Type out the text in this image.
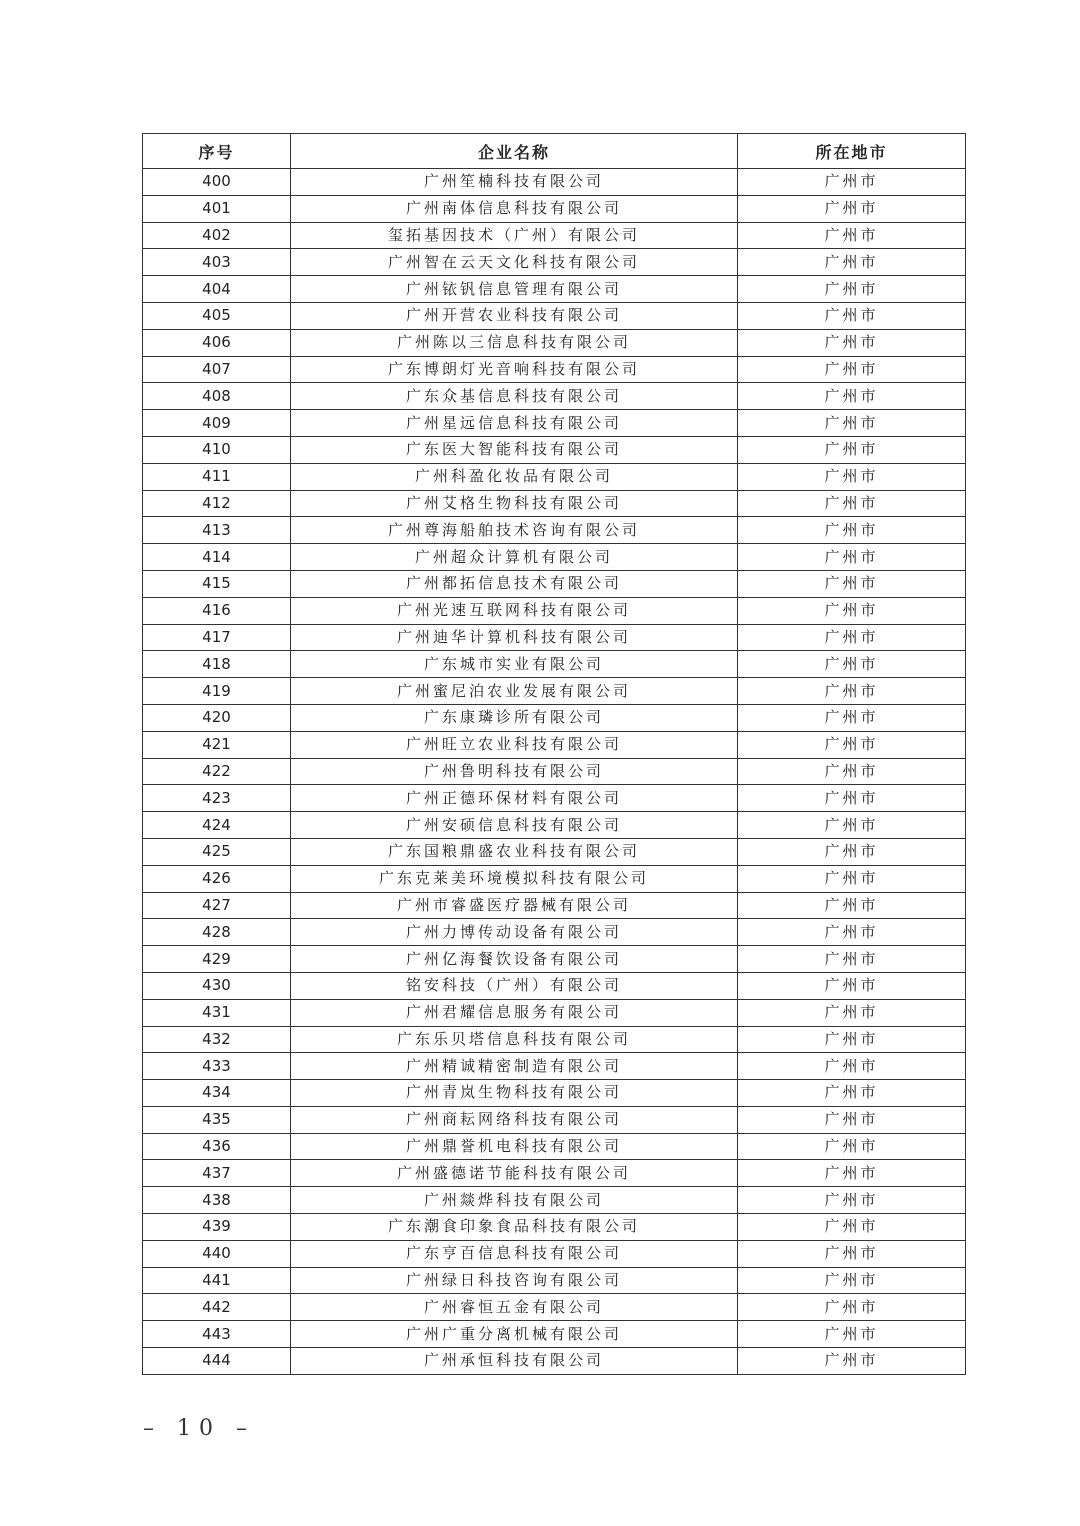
序号	企业名称	所在地市
400	广州笙楠科技有限公司	广州市
401	广州南体信息科技有限公司	广州市
402	玺拓基因技术（广州）有限公司	广州市
403	广州智在云天文化科技有限公司	广州市
404	广州铱钒信息管理有限公司	广州市
405	广州开营农业科技有限公司	广州市
406	广州陈以三信息科技有限公司	广州市
407	广东博朗灯光音响科技有限公司	广州市
408	广东众基信息科技有限公司	广州市
409	广州星远信息科技有限公司	广州市
410	广东医大智能科技有限公司	广州市
411	广州科盈化妆品有限公司	广州市
412	广州艾格生物科技有限公司	广州市
413	广州尊海船舶技术咨询有限公司	广州市
414	广州超众计算机有限公司	广州市
415	广州都拓信息技术有限公司	广州市
416	广州光速互联网科技有限公司	广州市
417	广州迪华计算机科技有限公司	广州市
418	广东城市实业有限公司	广州市
419	广州蜜尼泊农业发展有限公司	广州市
420	广东康璘诊所有限公司	广州市
421	广州旺立农业科技有限公司	广州市
422	广州鲁明科技有限公司	广州市
423	广州正德环保材料有限公司	广州市
424	广州安硕信息科技有限公司	广州市
425	广东国粮鼎盛农业科技有限公司	广州市
426	广东克莱美环境模拟科技有限公司	广州市
427	广州市睿盛医疗器械有限公司	广州市
428	广州力博传动设备有限公司	广州市
429	广州亿海餐饮设备有限公司	广州市
430	铭安科技（广州）有限公司	广州市
431	广州君耀信息服务有限公司	广州市
432	广东乐贝塔信息科技有限公司	广州市
433	广州精诚精密制造有限公司	广州市
434	广州青岚生物科技有限公司	广州市
435	广州商耘网络科技有限公司	广州市
436	广州鼎誉机电科技有限公司	广州市
437	广州盛德诺节能科技有限公司	广州市
438	广州燚烨科技有限公司	广州市
439	广东潮食印象食品科技有限公司	广州市
440	广东亨百信息科技有限公司	广州市
441	广州绿日科技咨询有限公司	广州市
442	广州睿恒五金有限公司	广州市
443	广州广重分离机械有限公司	广州市
444	广州承恒科技有限公司	广州市
– 10 –
